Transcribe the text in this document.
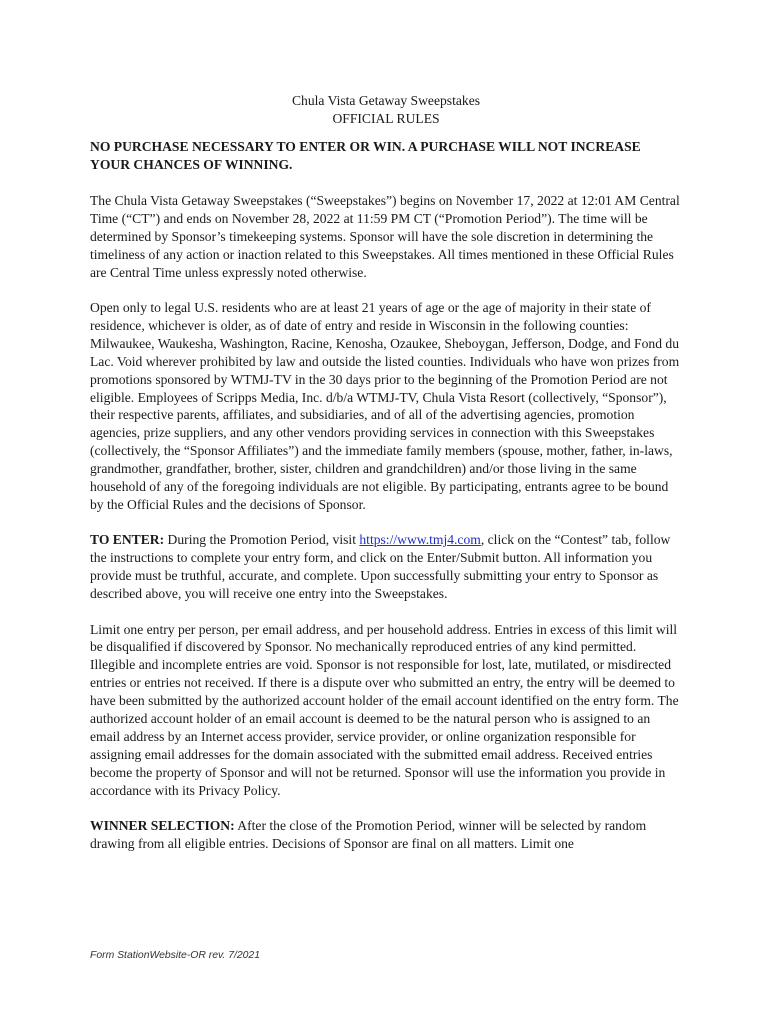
Chula Vista Getaway Sweepstakes
OFFICIAL RULES
NO PURCHASE NECESSARY TO ENTER OR WIN. A PURCHASE WILL NOT INCREASE YOUR CHANCES OF WINNING.

The Chula Vista Getaway Sweepstakes (“Sweepstakes”) begins on November 17, 2022 at 12:01 AM Central Time (“CT”) and ends on November 28, 2022 at 11:59 PM CT (“Promotion Period”). The time will be determined by Sponsor’s timekeeping systems. Sponsor will have the sole discretion in determining the timeliness of any action or inaction related to this Sweepstakes. All times mentioned in these Official Rules are Central Time unless expressly noted otherwise.

Open only to legal U.S. residents who are at least 21 years of age or the age of majority in their state of residence, whichever is older, as of date of entry and reside in Wisconsin in the following counties: Milwaukee, Waukesha, Washington, Racine, Kenosha, Ozaukee, Sheboygan, Jefferson, Dodge, and Fond du Lac. Void wherever prohibited by law and outside the listed counties. Individuals who have won prizes from promotions sponsored by WTMJ-TV in the 30 days prior to the beginning of the Promotion Period are not eligible. Employees of Scripps Media, Inc. d/b/a WTMJ-TV, Chula Vista Resort (collectively, “Sponsor”), their respective parents, affiliates, and subsidiaries, and of all of the advertising agencies, promotion agencies, prize suppliers, and any other vendors providing services in connection with this Sweepstakes (collectively, the “Sponsor Affiliates”) and the immediate family members (spouse, mother, father, in-laws, grandmother, grandfather, brother, sister, children and grandchildren) and/or those living in the same household of any of the foregoing individuals are not eligible. By participating, entrants agree to be bound by the Official Rules and the decisions of Sponsor.

TO ENTER: During the Promotion Period, visit https://www.tmj4.com, click on the “Contest” tab, follow the instructions to complete your entry form, and click on the Enter/Submit button. All information you provide must be truthful, accurate, and complete. Upon successfully submitting your entry to Sponsor as described above, you will receive one entry into the Sweepstakes.

Limit one entry per person, per email address, and per household address. Entries in excess of this limit will be disqualified if discovered by Sponsor. No mechanically reproduced entries of any kind permitted. Illegible and incomplete entries are void. Sponsor is not responsible for lost, late, mutilated, or misdirected entries or entries not received. If there is a dispute over who submitted an entry, the entry will be deemed to have been submitted by the authorized account holder of the email account identified on the entry form. The authorized account holder of an email account is deemed to be the natural person who is assigned to an email address by an Internet access provider, service provider, or online organization responsible for assigning email addresses for the domain associated with the submitted email address. Received entries become the property of Sponsor and will not be returned. Sponsor will use the information you provide in accordance with its Privacy Policy.

WINNER SELECTION: After the close of the Promotion Period, winner will be selected by random drawing from all eligible entries. Decisions of Sponsor are final on all matters. Limit one

Form StationWebsite-OR rev. 7/2021
